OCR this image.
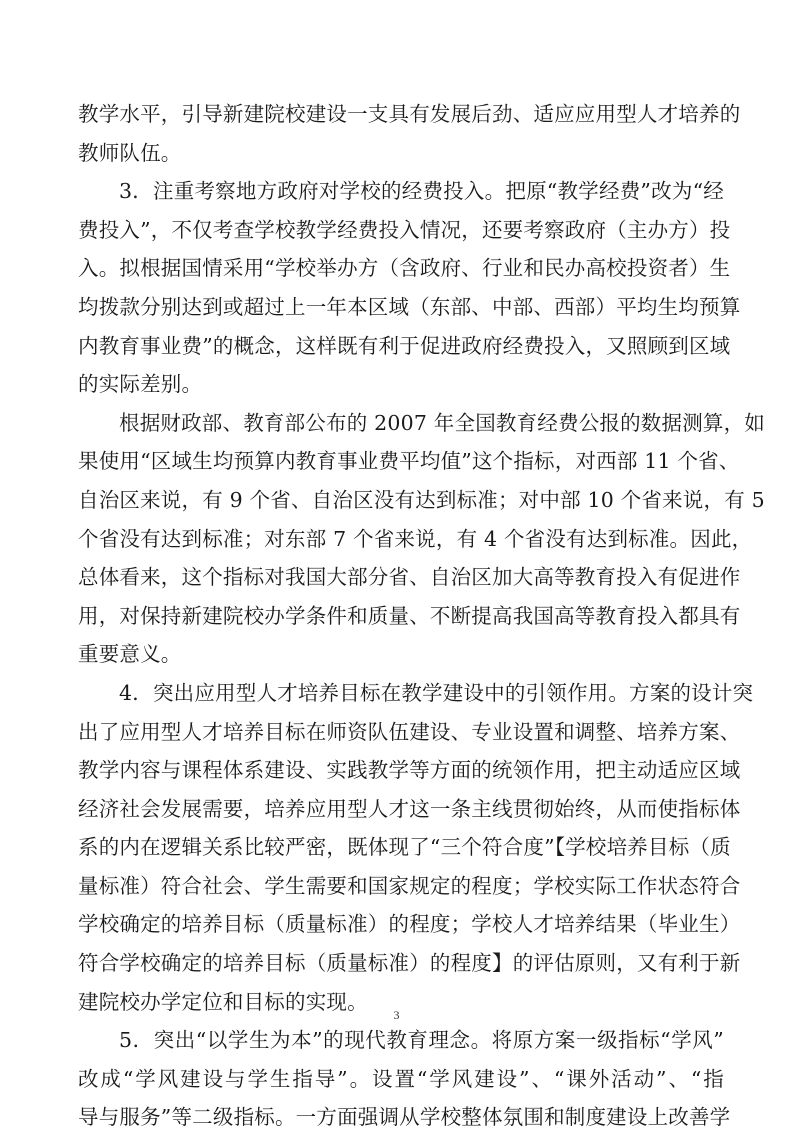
教学水平，引导新建院校建设一支具有发展后劲、适应应用型人才培养的
教师队伍。
3．注重考察地方政府对学校的经费投入。把原“教学经费”改为“经
费投入”，不仅考查学校教学经费投入情况，还要考察政府（主办方）投
入。拟根据国情采用“学校举办方（含政府、行业和民办高校投资者）生
均拨款分别达到或超过上一年本区域（东部、中部、西部）平均生均预算
内教育事业费”的概念，这样既有利于促进政府经费投入，又照顾到区域
的实际差别。
根据财政部、教育部公布的 2007 年全国教育经费公报的数据测算，如
果使用“区域生均预算内教育事业费平均值”这个指标，对西部 11 个省、
自治区来说，有 9 个省、自治区没有达到标准；对中部 10 个省来说，有 5
个省没有达到标准；对东部 7 个省来说，有 4 个省没有达到标准。因此，
总体看来，这个指标对我国大部分省、自治区加大高等教育投入有促进作
用，对保持新建院校办学条件和质量、不断提高我国高等教育投入都具有
重要意义。
4．突出应用型人才培养目标在教学建设中的引领作用。方案的设计突
出了应用型人才培养目标在师资队伍建设、专业设置和调整、培养方案、
教学内容与课程体系建设、实践教学等方面的统领作用，把主动适应区域
经济社会发展需要，培养应用型人才这一条主线贯彻始终，从而使指标体
系的内在逻辑关系比较严密，既体现了“三个符合度”【学校培养目标（质
量标准）符合社会、学生需要和国家规定的程度；学校实际工作状态符合
学校确定的培养目标（质量标准）的程度；学校人才培养结果（毕业生）
符合学校确定的培养目标（质量标准）的程度】的评估原则，又有利于新
建院校办学定位和目标的实现。
5．突出“以学生为本”的现代教育理念。将原方案一级指标“学风”
改成“学风建设与学生指导”。设置“学风建设”、“课外活动”、“指
导与服务”等二级指标。一方面强调从学校整体氛围和制度建设上改善学
3
